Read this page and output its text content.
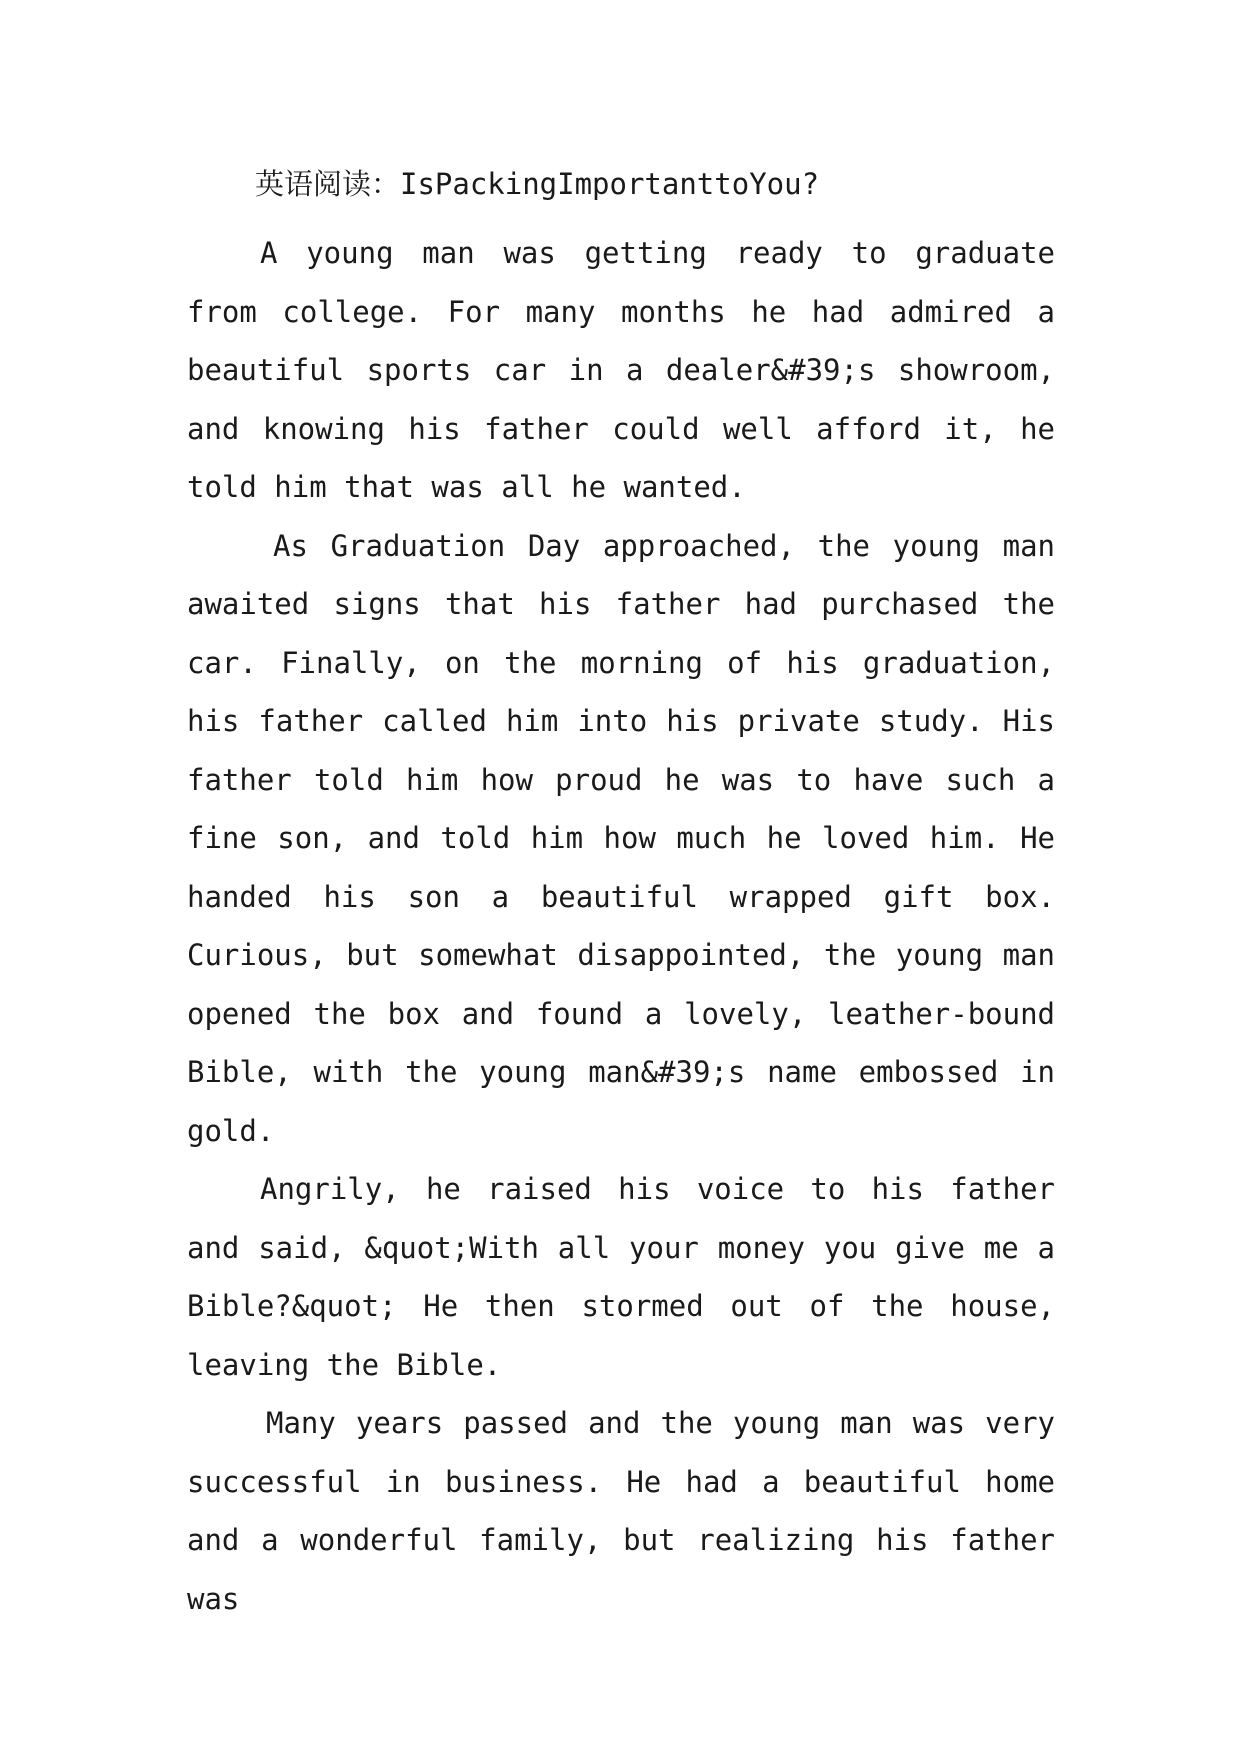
英语阅读：IsPackingImportanttoYou?

A young man was getting ready to graduate from college. For many months he had admired a beautiful sports car in a dealer&#39;s showroom, and knowing his father could well afford it, he told him that was all he wanted.

As Graduation Day approached, the young man awaited signs that his father had purchased the car. Finally, on the morning of his graduation, his father called him into his private study. His father told him how proud he was to have such a fine son, and told him how much he loved him. He handed his son a beautiful wrapped gift box. Curious, but somewhat disappointed, the young man opened the box and found a lovely, leather-bound Bible, with the young man&#39;s name embossed in gold.

Angrily, he raised his voice to his father and said, &quot;With all your money you give me a Bible?&quot; He then stormed out of the house, leaving the Bible.

Many years passed and the young man was very successful in business. He had a beautiful home and a wonderful family, but realizing his father was
